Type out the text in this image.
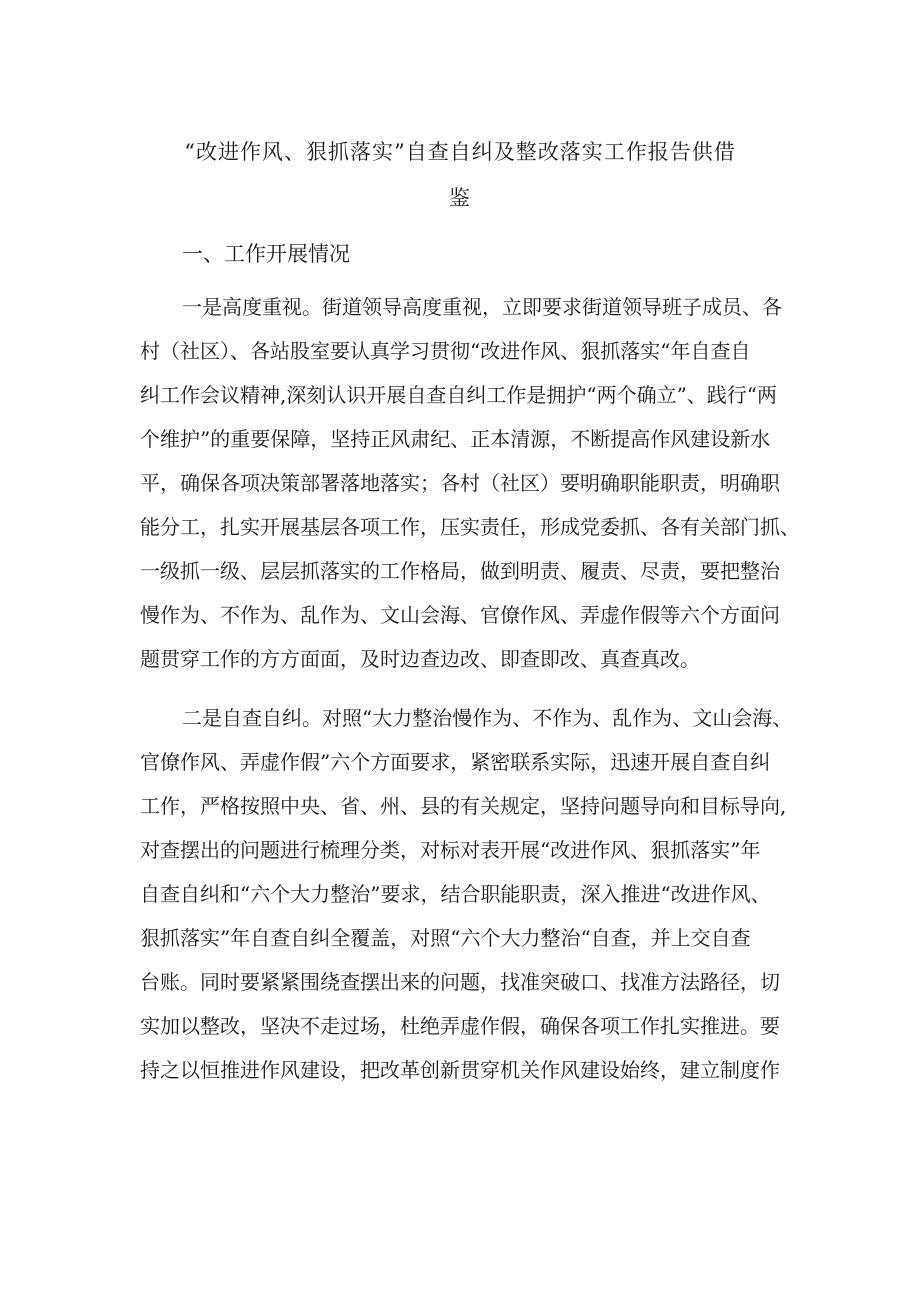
“改进作风、狠抓落实”自查自纠及整改落实工作报告供借
鉴
一、工作开展情况
一是高度重视。街道领导高度重视，立即要求街道领导班子成员、各
村（社区）、各站股室要认真学习贯彻“改进作风、狠抓落实“年自查自
纠工作会议精神,深刻认识开展自查自纠工作是拥护“两个确立”、践行“两
个维护”的重要保障，坚持正风肃纪、正本清源，不断提高作风建设新水
平，确保各项决策部署落地落实；各村（社区）要明确职能职责，明确职
能分工，扎实开展基层各项工作，压实责任，形成党委抓、各有关部门抓、
一级抓一级、层层抓落实的工作格局，做到明责、履责、尽责，要把整治
慢作为、不作为、乱作为、文山会海、官僚作风、弄虚作假等六个方面问
题贯穿工作的方方面面，及时边查边改、即查即改、真查真改。
二是自查自纠。对照“大力整治慢作为、不作为、乱作为、文山会海、
官僚作风、弄虚作假”六个方面要求，紧密联系实际，迅速开展自查自纠
工作，严格按照中央、省、州、县的有关规定，坚持问题导向和目标导向,
对查摆出的问题进行梳理分类，对标对表开展“改进作风、狠抓落实”年
自查自纠和“六个大力整治”要求，结合职能职责，深入推进“改进作风、
狠抓落实”年自查自纠全覆盖，对照“六个大力整治“自查，并上交自查
台账。同时要紧紧围绕查摆出来的问题，找准突破口、找准方法路径，切
实加以整改，坚决不走过场，杜绝弄虚作假，确保各项工作扎实推进。要
持之以恒推进作风建设，把改革创新贯穿机关作风建设始终，建立制度作
